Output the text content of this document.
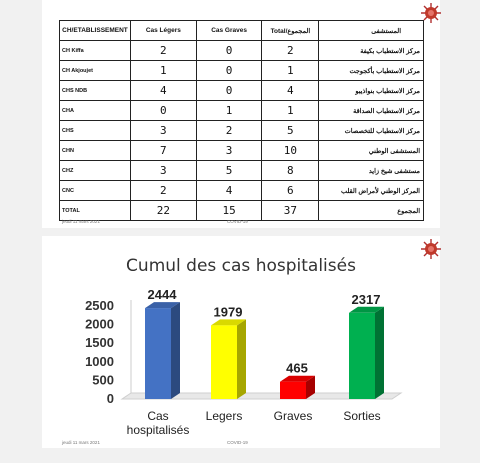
CH/ETABLISSEMENT	Cas Légers	Cas Graves	Total/المجموع	المستشفى
CH Kiffa	2	0	2	مركز الاستطباب بكيفة
CH Akjoujet	1	0	1	مركز الاستطباب بأكجوجت
CHS NDB	4	0	4	مركز الاستطباب بنواذيبو
CHA	0	1	1	مركز الاستطباب الصداقة
CHS	3	2	5	مركز الاستطباب للتخصصات
CHN	7	3	10	المستشفى الوطني
CHZ	3	5	8	مستشفى شيخ زايد
CNC	2	4	6	المركز الوطني لأمراض القلب
TOTAL	22	15	37	المجموع
jeudi 11 mars 2021	COVID-19
Cumul des cas hospitalisés
0
500
1000
1500
2000
2500
2444
Cas hospitalisés
1979
Legers
465
Graves
2317
Sorties
jeudi 11 mars 2021	COVID-19
